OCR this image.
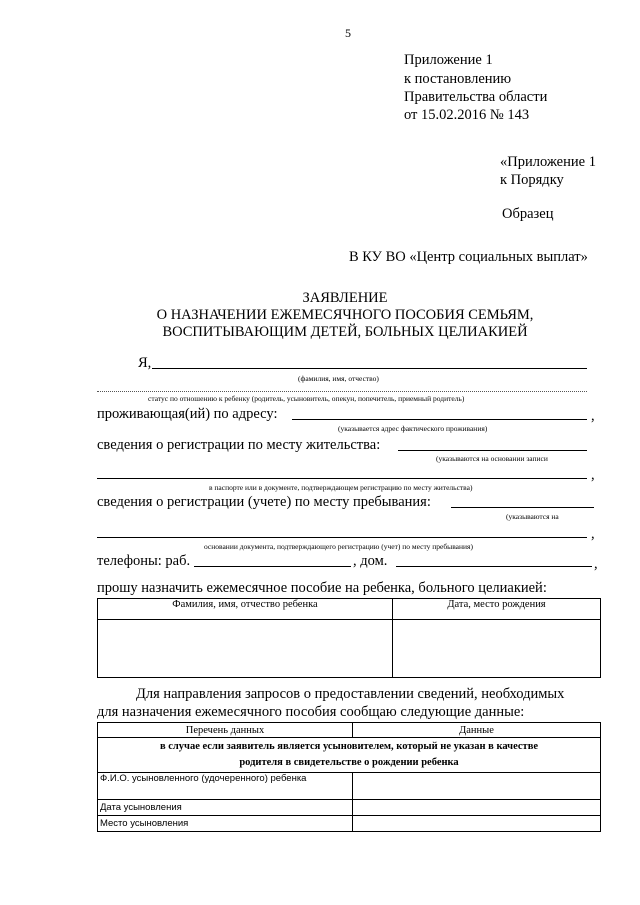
5
Приложение 1
к постановлению
Правительства области
от 15.02.2016 № 143
«Приложение 1
к Порядку
Образец
В КУ ВО «Центр социальных выплат»
ЗАЯВЛЕНИЕ
О НАЗНАЧЕНИИ ЕЖЕМЕСЯЧНОГО ПОСОБИЯ СЕМЬЯМ,
ВОСПИТЫВАЮЩИМ ДЕТЕЙ, БОЛЬНЫХ ЦЕЛИАКИЕЙ
Я,
(фамилия, имя, отчество)
статус по отношению к ребенку (родитель, усыновитель, опекун, попечитель, приемный родитель)
проживающая(ий) по адресу:	,
(указывается адрес фактического проживания)
сведения о регистрации по месту жительства:
(указываются на основании записи
,
в паспорте или в документе, подтверждающем регистрацию по месту жительства)
сведения о регистрации (учете) по месту пребывания:
(указываются на
,
основании документа, подтверждающего регистрацию (учет) по месту пребывания)
телефоны: раб.	, дом.	,
прошу назначить ежемесячное пособие на ребенка, больного целиакией:
Фамилия, имя, отчество ребенка	Дата, место рождения

Для направления запросов о предоставлении сведений, необходимых
для назначения ежемесячного пособия сообщаю следующие данные:
Перечень данных	Данные

в случае если заявитель является усыновителем, который не указан в качестве
родителя в свидетельстве о рождении ребенка	

Ф.И.О. усыновленного (удочеренного) ребенка	
Дата усыновления	
Место усыновления	
